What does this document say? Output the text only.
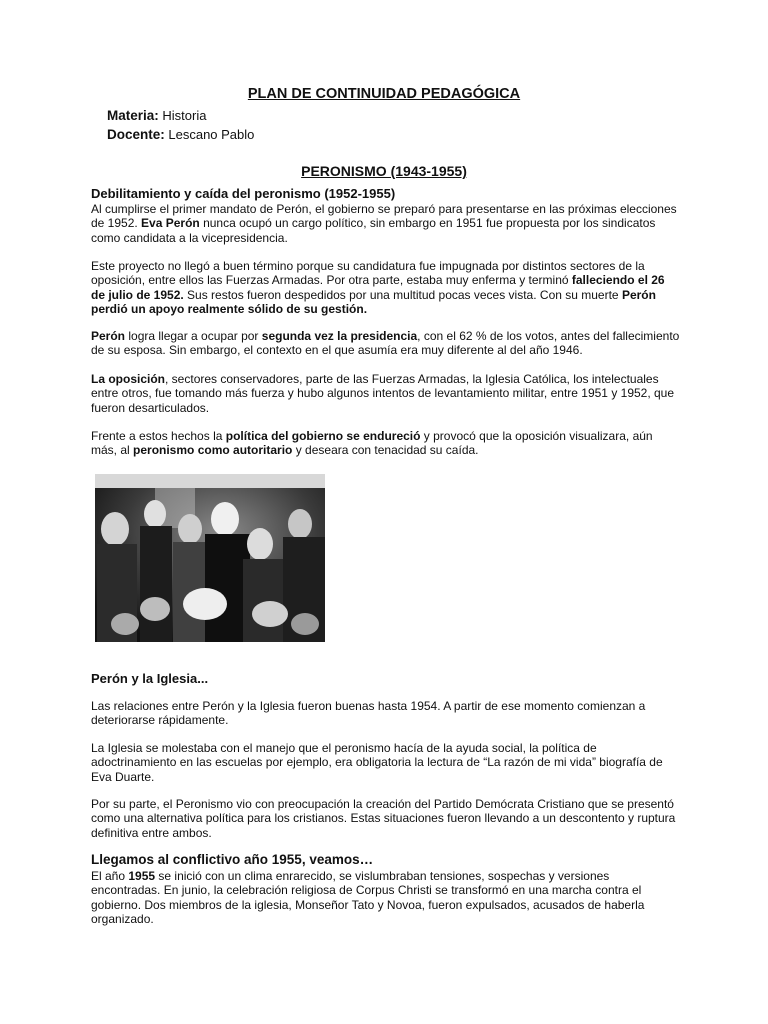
PLAN DE CONTINUIDAD PEDAGÓGICA

Materia: Historia

Docente: Lescano Pablo

PERONISMO (1943-1955)
Debilitamiento y caída del peronismo (1952-1955)

Al cumplirse el primer mandato de Perón, el gobierno se preparó para presentarse en las próximas elecciones de 1952. Eva Perón nunca ocupó un cargo político, sin embargo en 1951 fue propuesta por los sindicatos como candidata a la vicepresidencia.

Este proyecto no llegó a buen término porque su candidatura fue impugnada por distintos sectores de la oposición, entre ellos las Fuerzas Armadas. Por otra parte, estaba muy enferma y terminó falleciendo el 26 de julio de 1952. Sus restos fueron despedidos por una multitud pocas veces vista. Con su muerte Perón perdió un apoyo realmente sólido de su gestión.

Perón logra llegar a ocupar por segunda vez la presidencia, con el 62 % de los votos, antes del fallecimiento de su esposa. Sin embargo, el contexto en el que asumía era muy diferente al del año 1946.

La oposición, sectores conservadores, parte de las Fuerzas Armadas, la Iglesia Católica, los intelectuales entre otros, fue tomando más fuerza y hubo algunos intentos de levantamiento militar, entre 1951 y 1952, que fueron desarticulados.

Frente a estos hechos la política del gobierno se endureció y provocó que la oposición visualizara, aún más, al peronismo como autoritario y deseara con tenacidad su caída.

Perón y la Iglesia...

Las relaciones entre Perón y la Iglesia fueron buenas hasta 1954. A partir de ese momento comienzan a deteriorarse rápidamente.

La Iglesia se molestaba con el manejo que el peronismo hacía de la ayuda social, la política de adoctrinamiento en las escuelas por ejemplo, era obligatoria la lectura de “La razón de mi vida” biografía de Eva Duarte.

Por su parte, el Peronismo vio con preocupación la creación del Partido Demócrata Cristiano que se presentó como una alternativa política para los cristianos. Estas situaciones fueron llevando a un descontento y ruptura definitiva entre ambos.

Llegamos al conflictivo año 1955, veamos…

El año 1955 se inició con un clima enrarecido, se vislumbraban tensiones, sospechas y versiones encontradas. En junio, la celebración religiosa de Corpus Christi se transformó en una marcha contra el gobierno. Dos miembros de la iglesia, Monseñor Tato y Novoa, fueron expulsados, acusados de haberla organizado.
